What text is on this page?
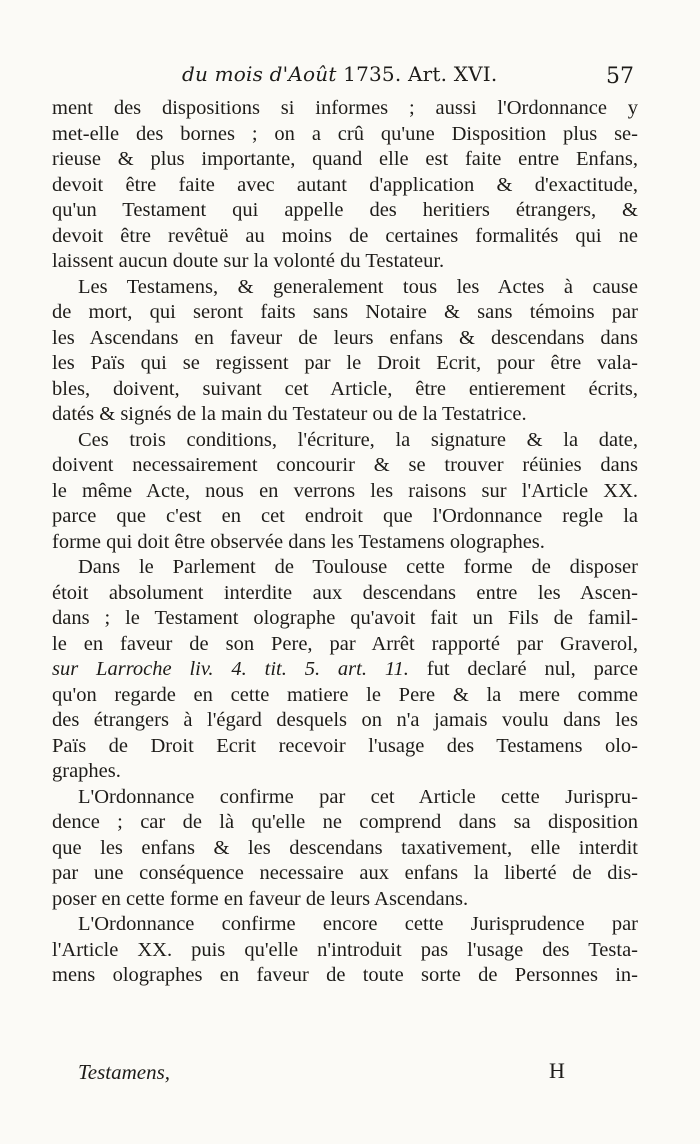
du mois d'Août 1735. Art. XVI.	57
ment des dispositions si informes ; aussi l'Ordonnance y
met-elle des bornes ; on a crû qu'une Disposition plus se-
rieuse & plus importante, quand elle est faite entre Enfans,
devoit être faite avec autant d'application & d'exactitude,
qu'un Testament qui appelle des heritiers étrangers, &
devoit être revêtuë au moins de certaines formalités qui ne
laissent aucun doute sur la volonté du Testateur.
Les Testamens, & generalement tous les Actes à cause
de mort, qui seront faits sans Notaire & sans témoins par
les Ascendans en faveur de leurs enfans & descendans dans
les Païs qui se regissent par le Droit Ecrit, pour être vala-
bles, doivent, suivant cet Article, être entierement écrits,
datés & signés de la main du Testateur ou de la Testatrice.
Ces trois conditions, l'écriture, la signature & la date,
doivent necessairement concourir & se trouver réünies dans
le même Acte, nous en verrons les raisons sur l'Article XX.
parce que c'est en cet endroit que l'Ordonnance regle la
forme qui doit être observée dans les Testamens olographes.
Dans le Parlement de Toulouse cette forme de disposer
étoit absolument interdite aux descendans entre les Ascen-
dans ; le Testament olographe qu'avoit fait un Fils de famil-
le en faveur de son Pere, par Arrêt rapporté par Graverol,
sur Larroche liv. 4. tit. 5. art. 11. fut declaré nul, parce
qu'on regarde en cette matiere le Pere & la mere comme
des étrangers à l'égard desquels on n'a jamais voulu dans les
Païs de Droit Ecrit recevoir l'usage des Testamens olo-
graphes.
L'Ordonnance confirme par cet Article cette Jurispru-
dence ; car de là qu'elle ne comprend dans sa disposition
que les enfans & les descendans taxativement, elle interdit
par une conséquence necessaire aux enfans la liberté de dis-
poser en cette forme en faveur de leurs Ascendans.
L'Ordonnance confirme encore cette Jurisprudence par
l'Article XX. puis qu'elle n'introduit pas l'usage des Testa-
mens olographes en faveur de toute sorte de Personnes in-
Testamens,	H
